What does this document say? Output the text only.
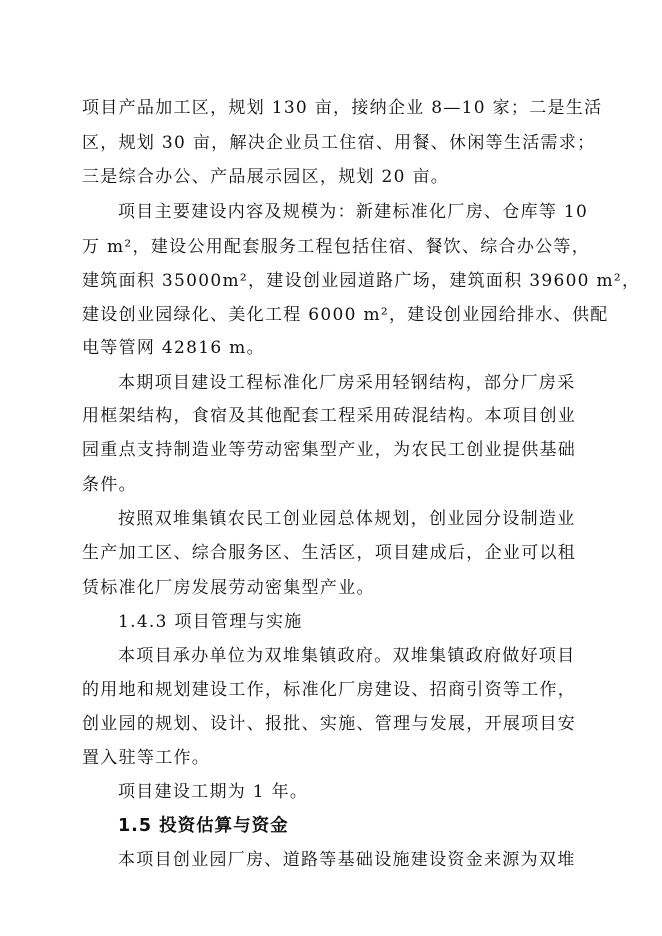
项目产品加工区，规划 130 亩，接纳企业 8—10 家；二是生活
区，规划 30 亩，解决企业员工住宿、用餐、休闲等生活需求；
三是综合办公、产品展示园区，规划 20 亩。
项目主要建设内容及规模为：新建标准化厂房、仓库等 10
万 m²，建设公用配套服务工程包括住宿、餐饮、综合办公等，
建筑面积 35000m²，建设创业园道路广场，建筑面积 39600 m²，
建设创业园绿化、美化工程 6000 m²，建设创业园给排水、供配
电等管网 42816 m。
本期项目建设工程标准化厂房采用轻钢结构，部分厂房采
用框架结构，食宿及其他配套工程采用砖混结构。本项目创业
园重点支持制造业等劳动密集型产业，为农民工创业提供基础
条件。
按照双堆集镇农民工创业园总体规划，创业园分设制造业
生产加工区、综合服务区、生活区，项目建成后，企业可以租
赁标准化厂房发展劳动密集型产业。
1.4.3 项目管理与实施
本项目承办单位为双堆集镇政府。双堆集镇政府做好项目
的用地和规划建设工作，标准化厂房建设、招商引资等工作，
创业园的规划、设计、报批、实施、管理与发展，开展项目安
置入驻等工作。
项目建设工期为 1 年。
1.5 投资估算与资金
本项目创业园厂房、道路等基础设施建设资金来源为双堆
